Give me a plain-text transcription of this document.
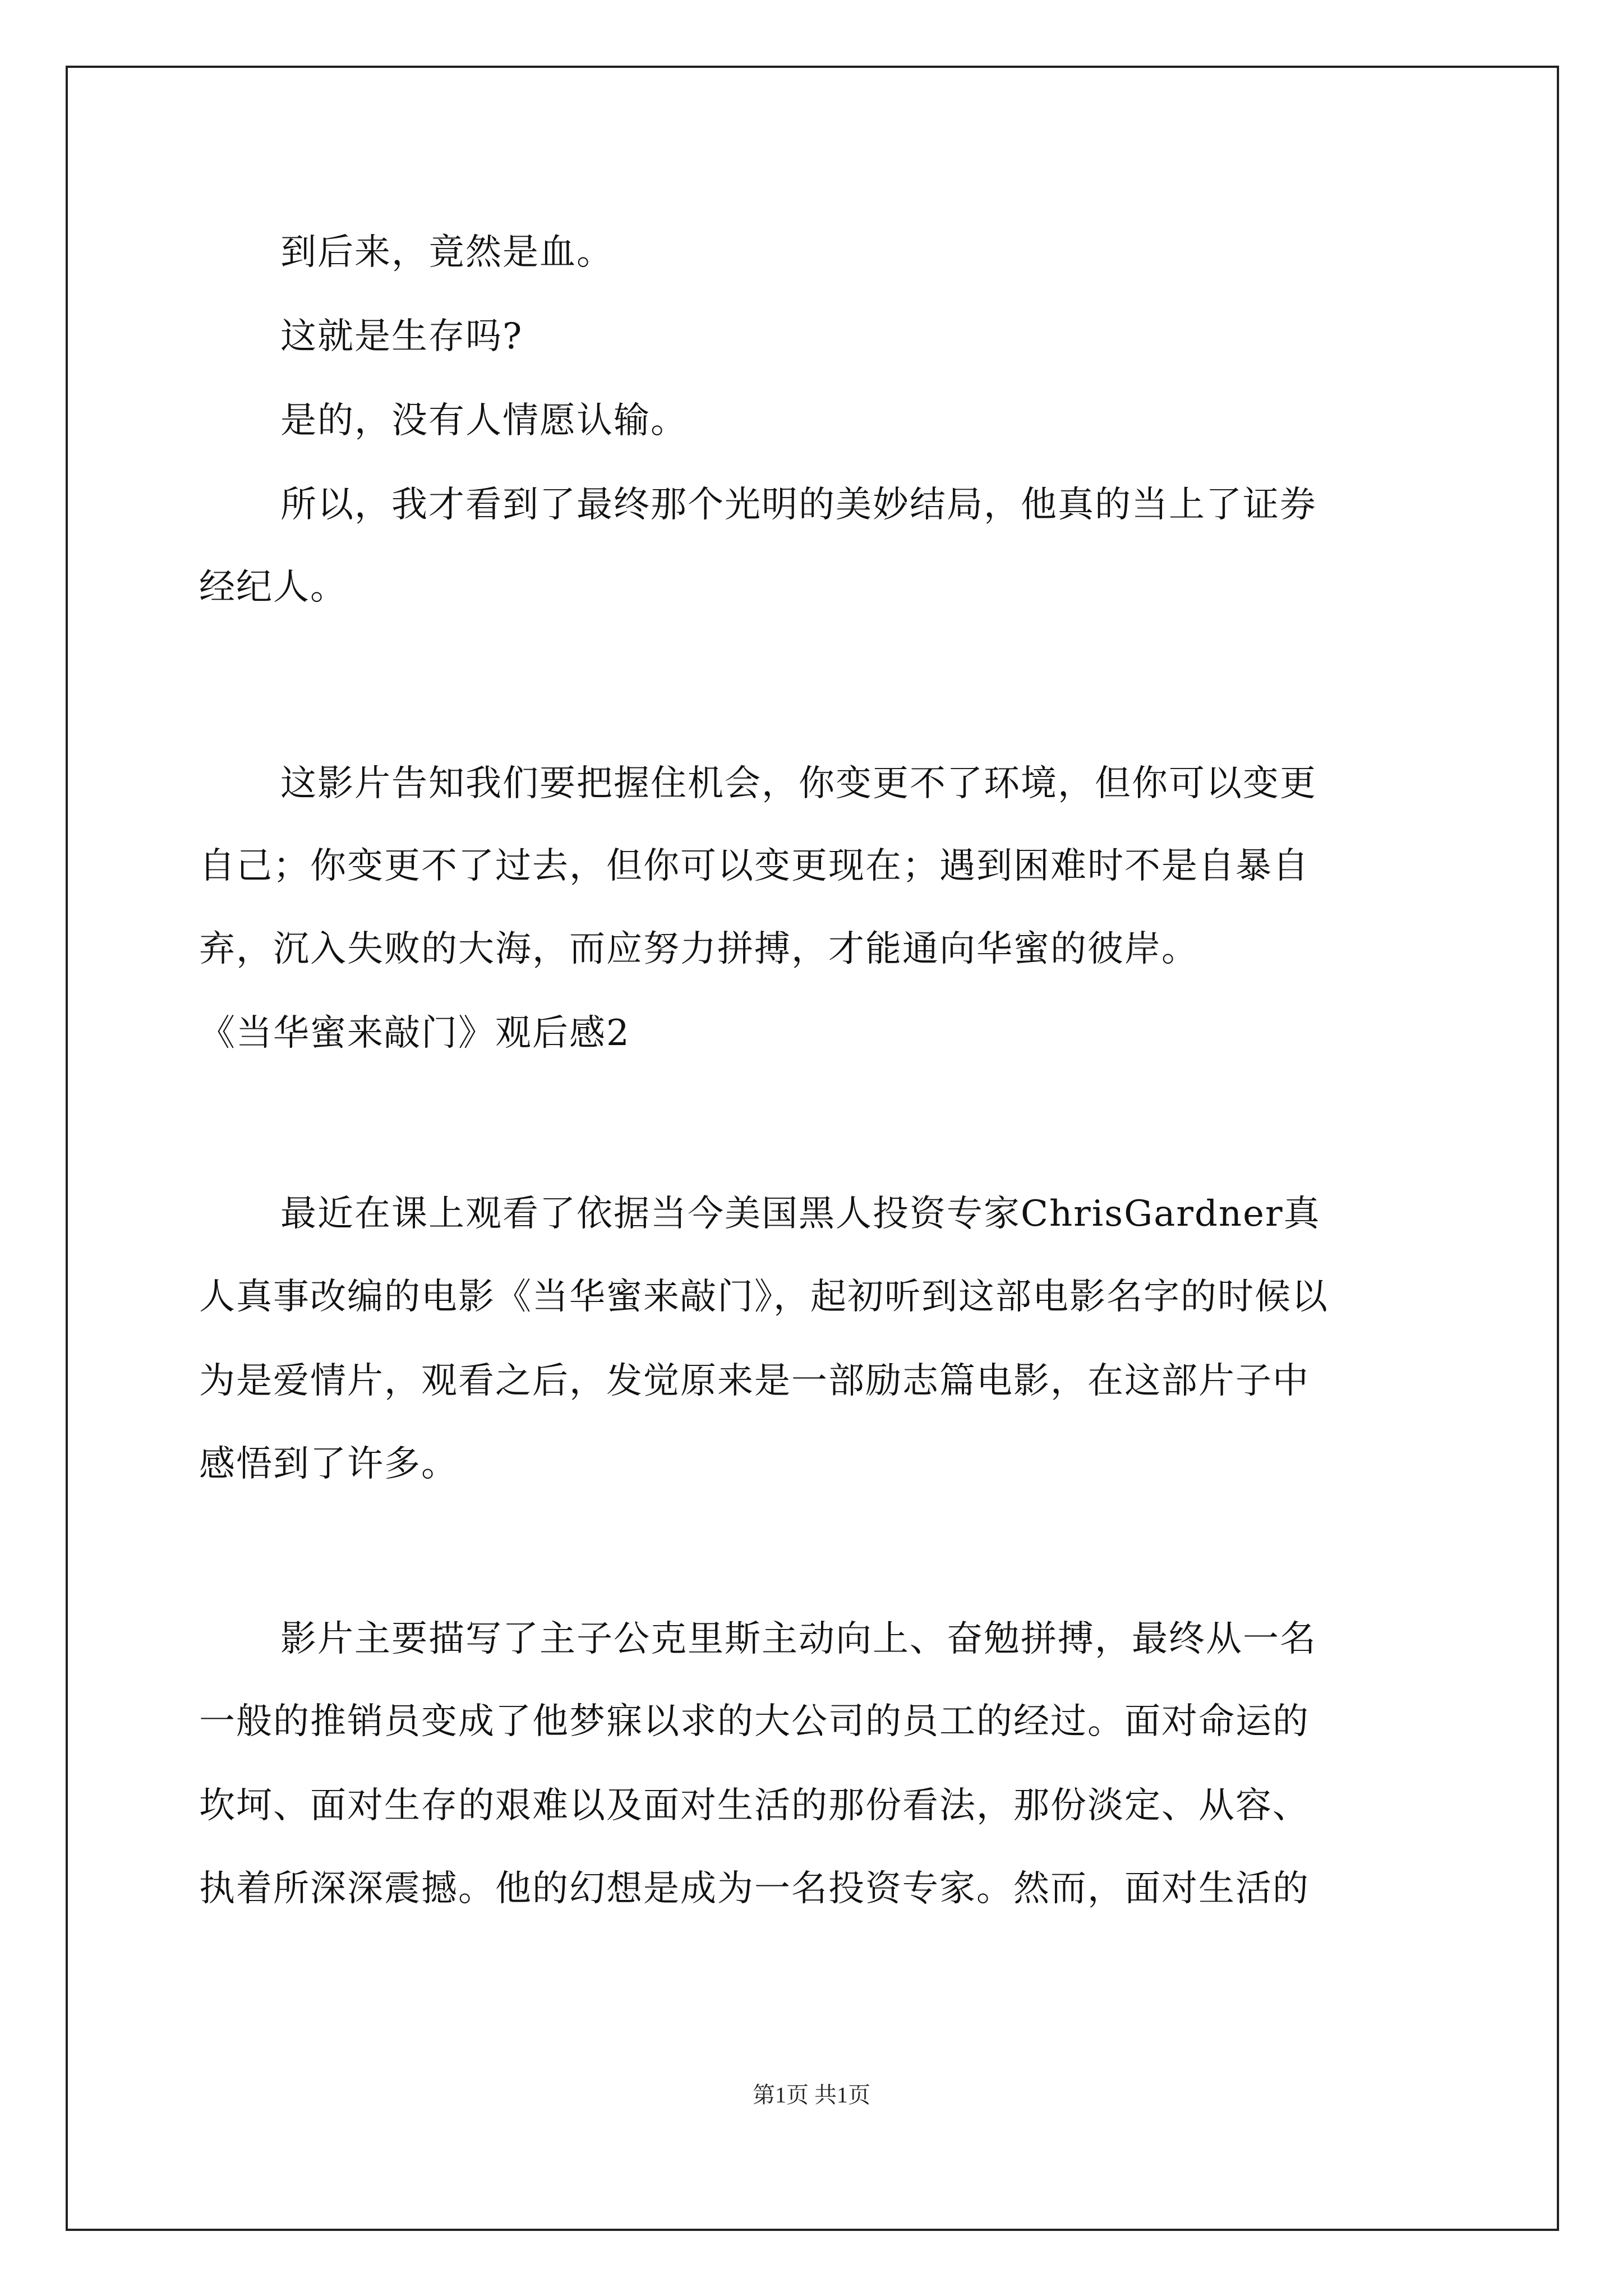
到后来，竟然是血。

这就是生存吗?

是的，没有人情愿认输。

所以，我才看到了最终那个光明的美妙结局，他真的当上了证券

经纪人。

这影片告知我们要把握住机会，你变更不了环境，但你可以变更

自己；你变更不了过去，但你可以变更现在；遇到困难时不是自暴自

弃，沉入失败的大海，而应努力拼搏，才能通向华蜜的彼岸。

《当华蜜来敲门》观后感2

最近在课上观看了依据当今美国黑人投资专家ChrisGardner真

人真事改编的电影《当华蜜来敲门》，起初听到这部电影名字的时候以

为是爱情片，观看之后，发觉原来是一部励志篇电影，在这部片子中

感悟到了许多。

影片主要描写了主子公克里斯主动向上、奋勉拼搏，最终从一名

一般的推销员变成了他梦寐以求的大公司的员工的经过。面对命运的

坎坷、面对生存的艰难以及面对生活的那份看法，那份淡定、从容、

执着所深深震撼。他的幻想是成为一名投资专家。然而，面对生活的

第1页 共1页
